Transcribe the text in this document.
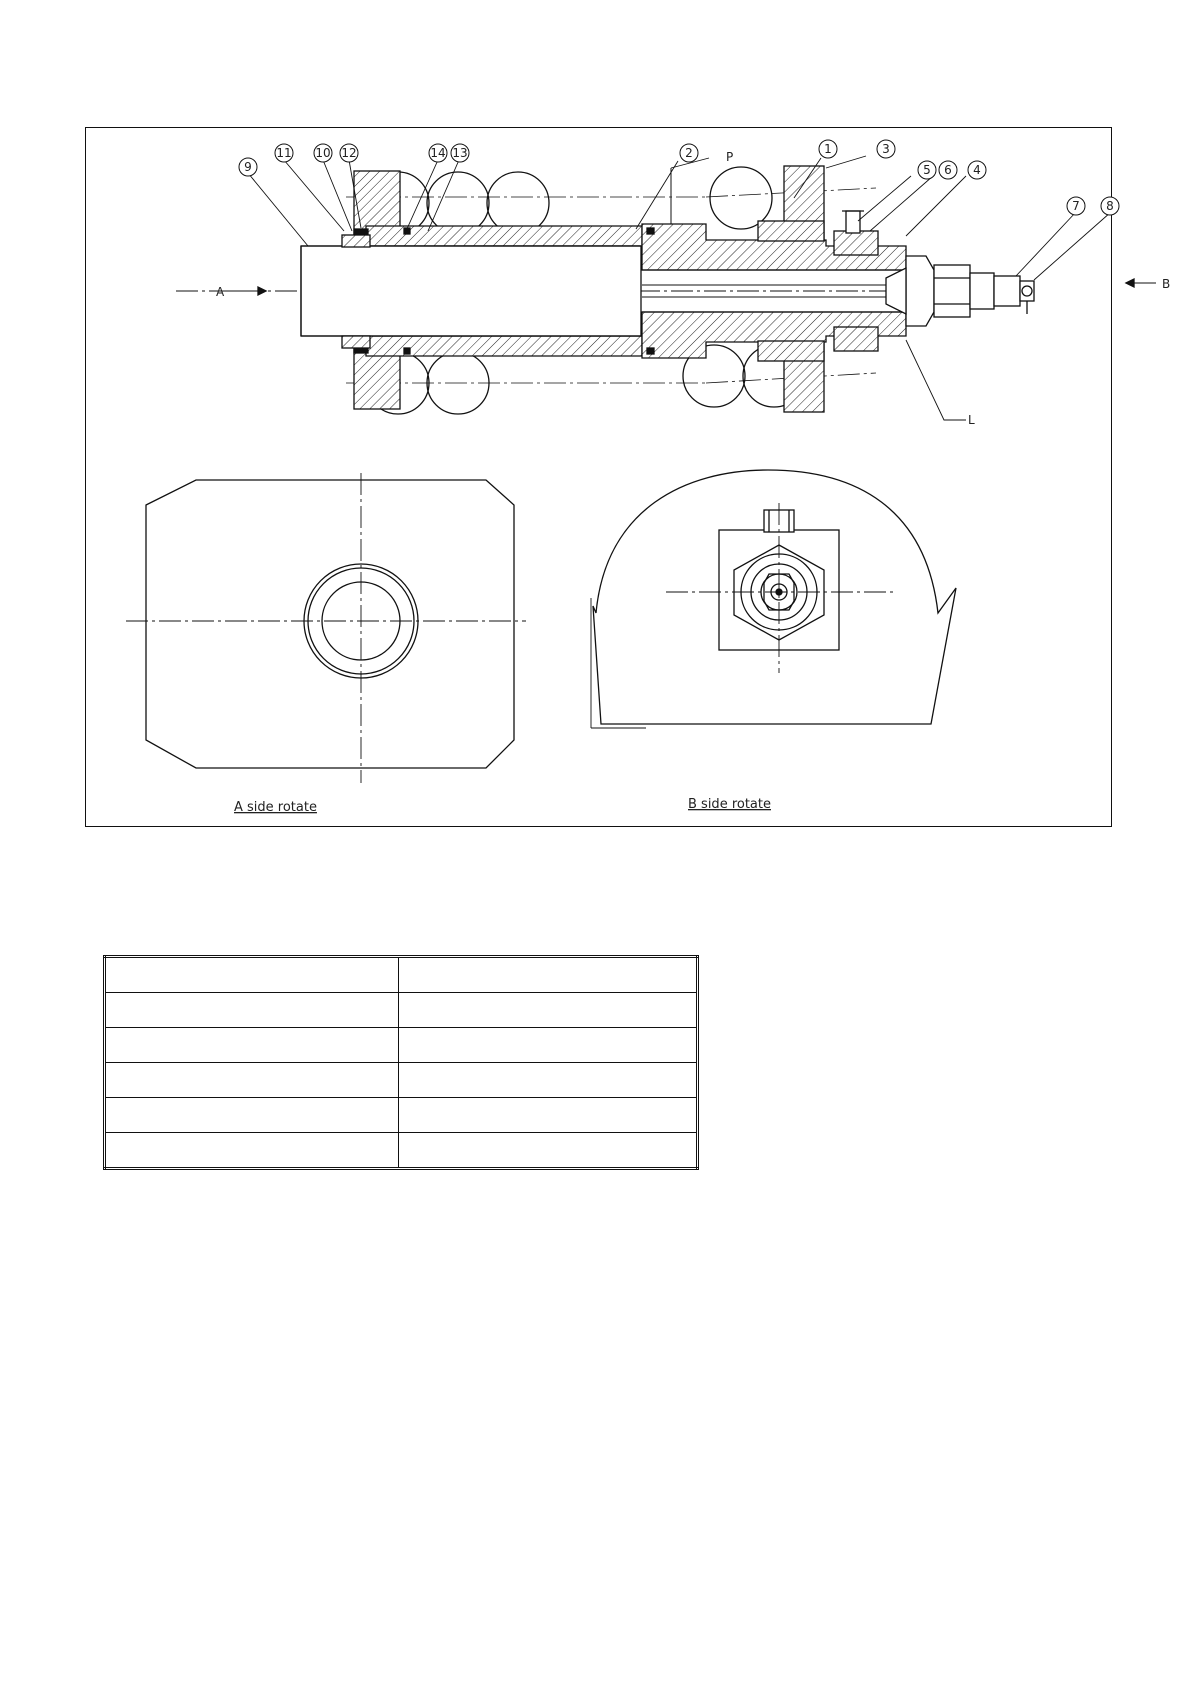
9
11 10 12	14 13	2	1	3
5 6 4
7 8
A
B
P
L
A side rotate	B side rotate
